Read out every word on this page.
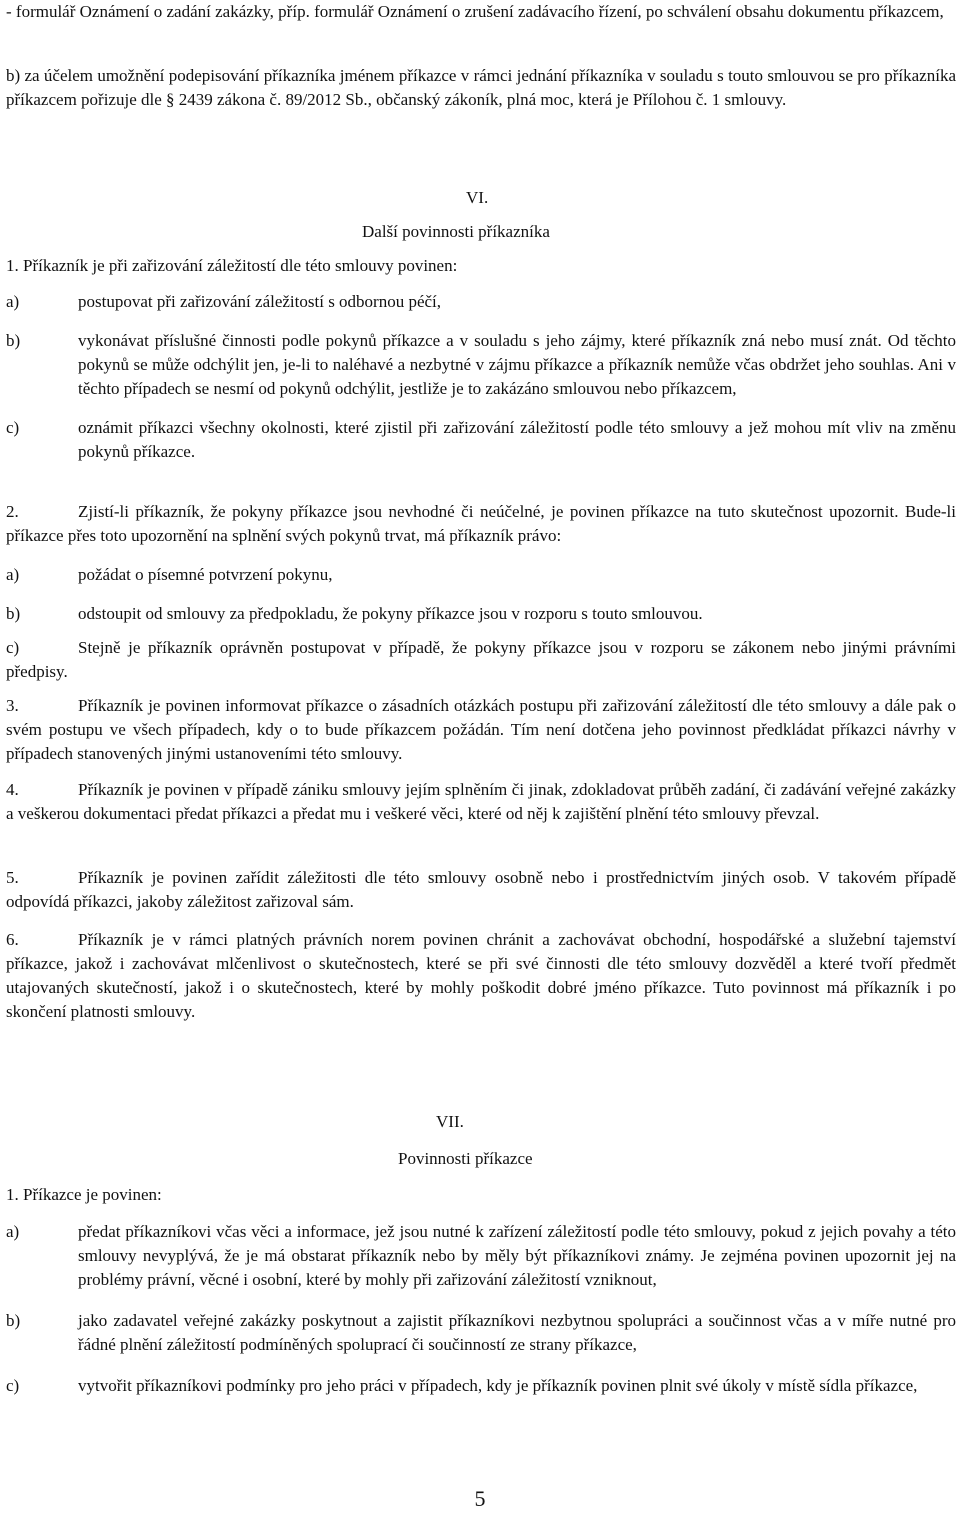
- formulář Oznámení o zadání zakázky, příp. formulář Oznámení o zrušení zadávacího řízení, po schválení obsahu dokumentu příkazcem,

b) za účelem umožnění podepisování příkazníka jménem příkazce v rámci jednání příkazníka v souladu s touto smlouvou se pro příkazníka příkazcem pořizuje dle § 2439 zákona č. 89/2012 Sb., občanský zákoník, plná moc, která je Přílohou č. 1 smlouvy.

VI.
Další povinnosti příkazníka

1. Příkazník je při zařizování záležitostí dle této smlouvy povinen:

a)	postupovat při zařizování záležitostí s odbornou péčí,
b)	vykonávat příslušné činnosti podle pokynů příkazce a v souladu s jeho zájmy, které příkazník zná nebo musí znát. Od těchto pokynů se může odchýlit jen, je-li to naléhavé a nezbytné v zájmu příkazce a příkazník nemůže včas obdržet jeho souhlas. Ani v těchto případech se nesmí od pokynů odchýlit, jestliže je to zakázáno smlouvou nebo příkazcem,
c)	oznámit příkazci všechny okolnosti, které zjistil při zařizování záležitostí podle této smlouvy a jež mohou mít vliv na změnu pokynů příkazce.

2.	Zjistí-li příkazník, že pokyny příkazce jsou nevhodné či neúčelné, je povinen příkazce na tuto skutečnost upozornit. Bude-li příkazce přes toto upozornění na splnění svých pokynů trvat, má příkazník právo:

a)	požádat o písemné potvrzení pokynu,
b)	odstoupit od smlouvy za předpokladu, že pokyny příkazce jsou v rozporu s touto smlouvou.

c)	Stejně je příkazník oprávněn postupovat v případě, že pokyny příkazce jsou v rozporu se zákonem nebo jinými právními předpisy.

3.	Příkazník je povinen informovat příkazce o zásadních otázkách postupu při zařizování záležitostí dle této smlouvy a dále pak o svém postupu ve všech případech, kdy o to bude příkazcem požádán. Tím není dotčena jeho povinnost předkládat příkazci návrhy v případech stanovených jinými ustanoveními této smlouvy.

4.	Příkazník je povinen v případě zániku smlouvy jejím splněním či jinak, zdokladovat průběh zadání, či zadávání veřejné zakázky a veškerou dokumentaci předat příkazci a předat mu i veškeré věci, které od něj k zajištění plnění této smlouvy převzal.

5.	Příkazník je povinen zařídit záležitosti dle této smlouvy osobně nebo i prostřednictvím jiných osob. V takovém případě odpovídá příkazci, jakoby záležitost zařizoval sám.

6.	Příkazník je v rámci platných právních norem povinen chránit a zachovávat obchodní, hospodářské a služební tajemství příkazce, jakož i zachovávat mlčenlivost o skutečnostech, které se při své činnosti dle této smlouvy dozvěděl a které tvoří předmět utajovaných skutečností, jakož i o skutečnostech, které by mohly poškodit dobré jméno příkazce. Tuto povinnost má příkazník i po skončení platnosti smlouvy.

VII.
Povinnosti příkazce

1. Příkazce je povinen:

a)	předat příkazníkovi včas věci a informace, jež jsou nutné k zařízení záležitostí podle této smlouvy, pokud z jejich povahy a této smlouvy nevyplývá, že je má obstarat příkazník nebo by měly být příkazníkovi známy. Je zejména povinen upozornit jej na problémy právní, věcné i osobní, které by mohly při zařizování záležitostí vzniknout,
b)	jako zadavatel veřejné zakázky poskytnout a zajistit příkazníkovi nezbytnou spolupráci a součinnost včas a v míře nutné pro řádné plnění záležitostí podmíněných spoluprací či součinností ze strany příkazce,
c)	vytvořit příkazníkovi podmínky pro jeho práci v případech, kdy je příkazník povinen plnit své úkoly v místě sídla příkazce,
5
